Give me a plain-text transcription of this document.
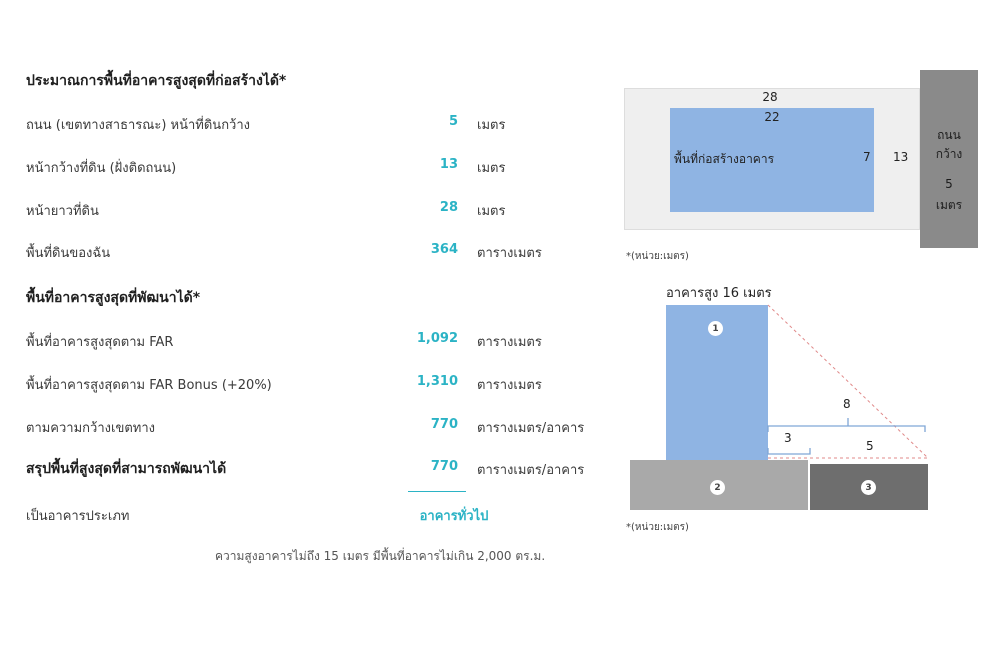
ประมาณการพื้นที่อาคารสูงสุดที่ก่อสร้างได้*
ถนน (เขตทางสาธารณะ) หน้าที่ดินกว้าง	5 เมตร
หน้ากว้างที่ดิน (ฝั่งติดถนน)	13 เมตร
หน้ายาวที่ดิน	28 เมตร
พื้นที่ดินของฉัน	364 ตารางเมตร
พื้นที่อาคารสูงสุดที่พัฒนาได้*
พื้นที่อาคารสูงสุดตาม FAR	1,092 ตารางเมตร
พื้นที่อาคารสูงสุดตาม FAR Bonus (+20%)	1,310 ตารางเมตร
ตามความกว้างเขตทาง	770 ตารางเมตร/อาคาร
สรุปพื้นที่สูงสุดที่สามารถพัฒนาได้	770 ตารางเมตร/อาคาร
เป็นอาคารประเภท	อาคารทั่วไป
ความสูงอาคารไม่ถึง 15 เมตร มีพื้นที่อาคารไม่เกิน 2,000 ตร.ม.
28
22
พื้นที่ก่อสร้างอาคาร	7 13
ถนน
กว้าง
5
เมตร
*(หน่วย:เมตร)
อาคารสูง 16 เมตร
8
3
5
1
2	3
*(หน่วย:เมตร)
